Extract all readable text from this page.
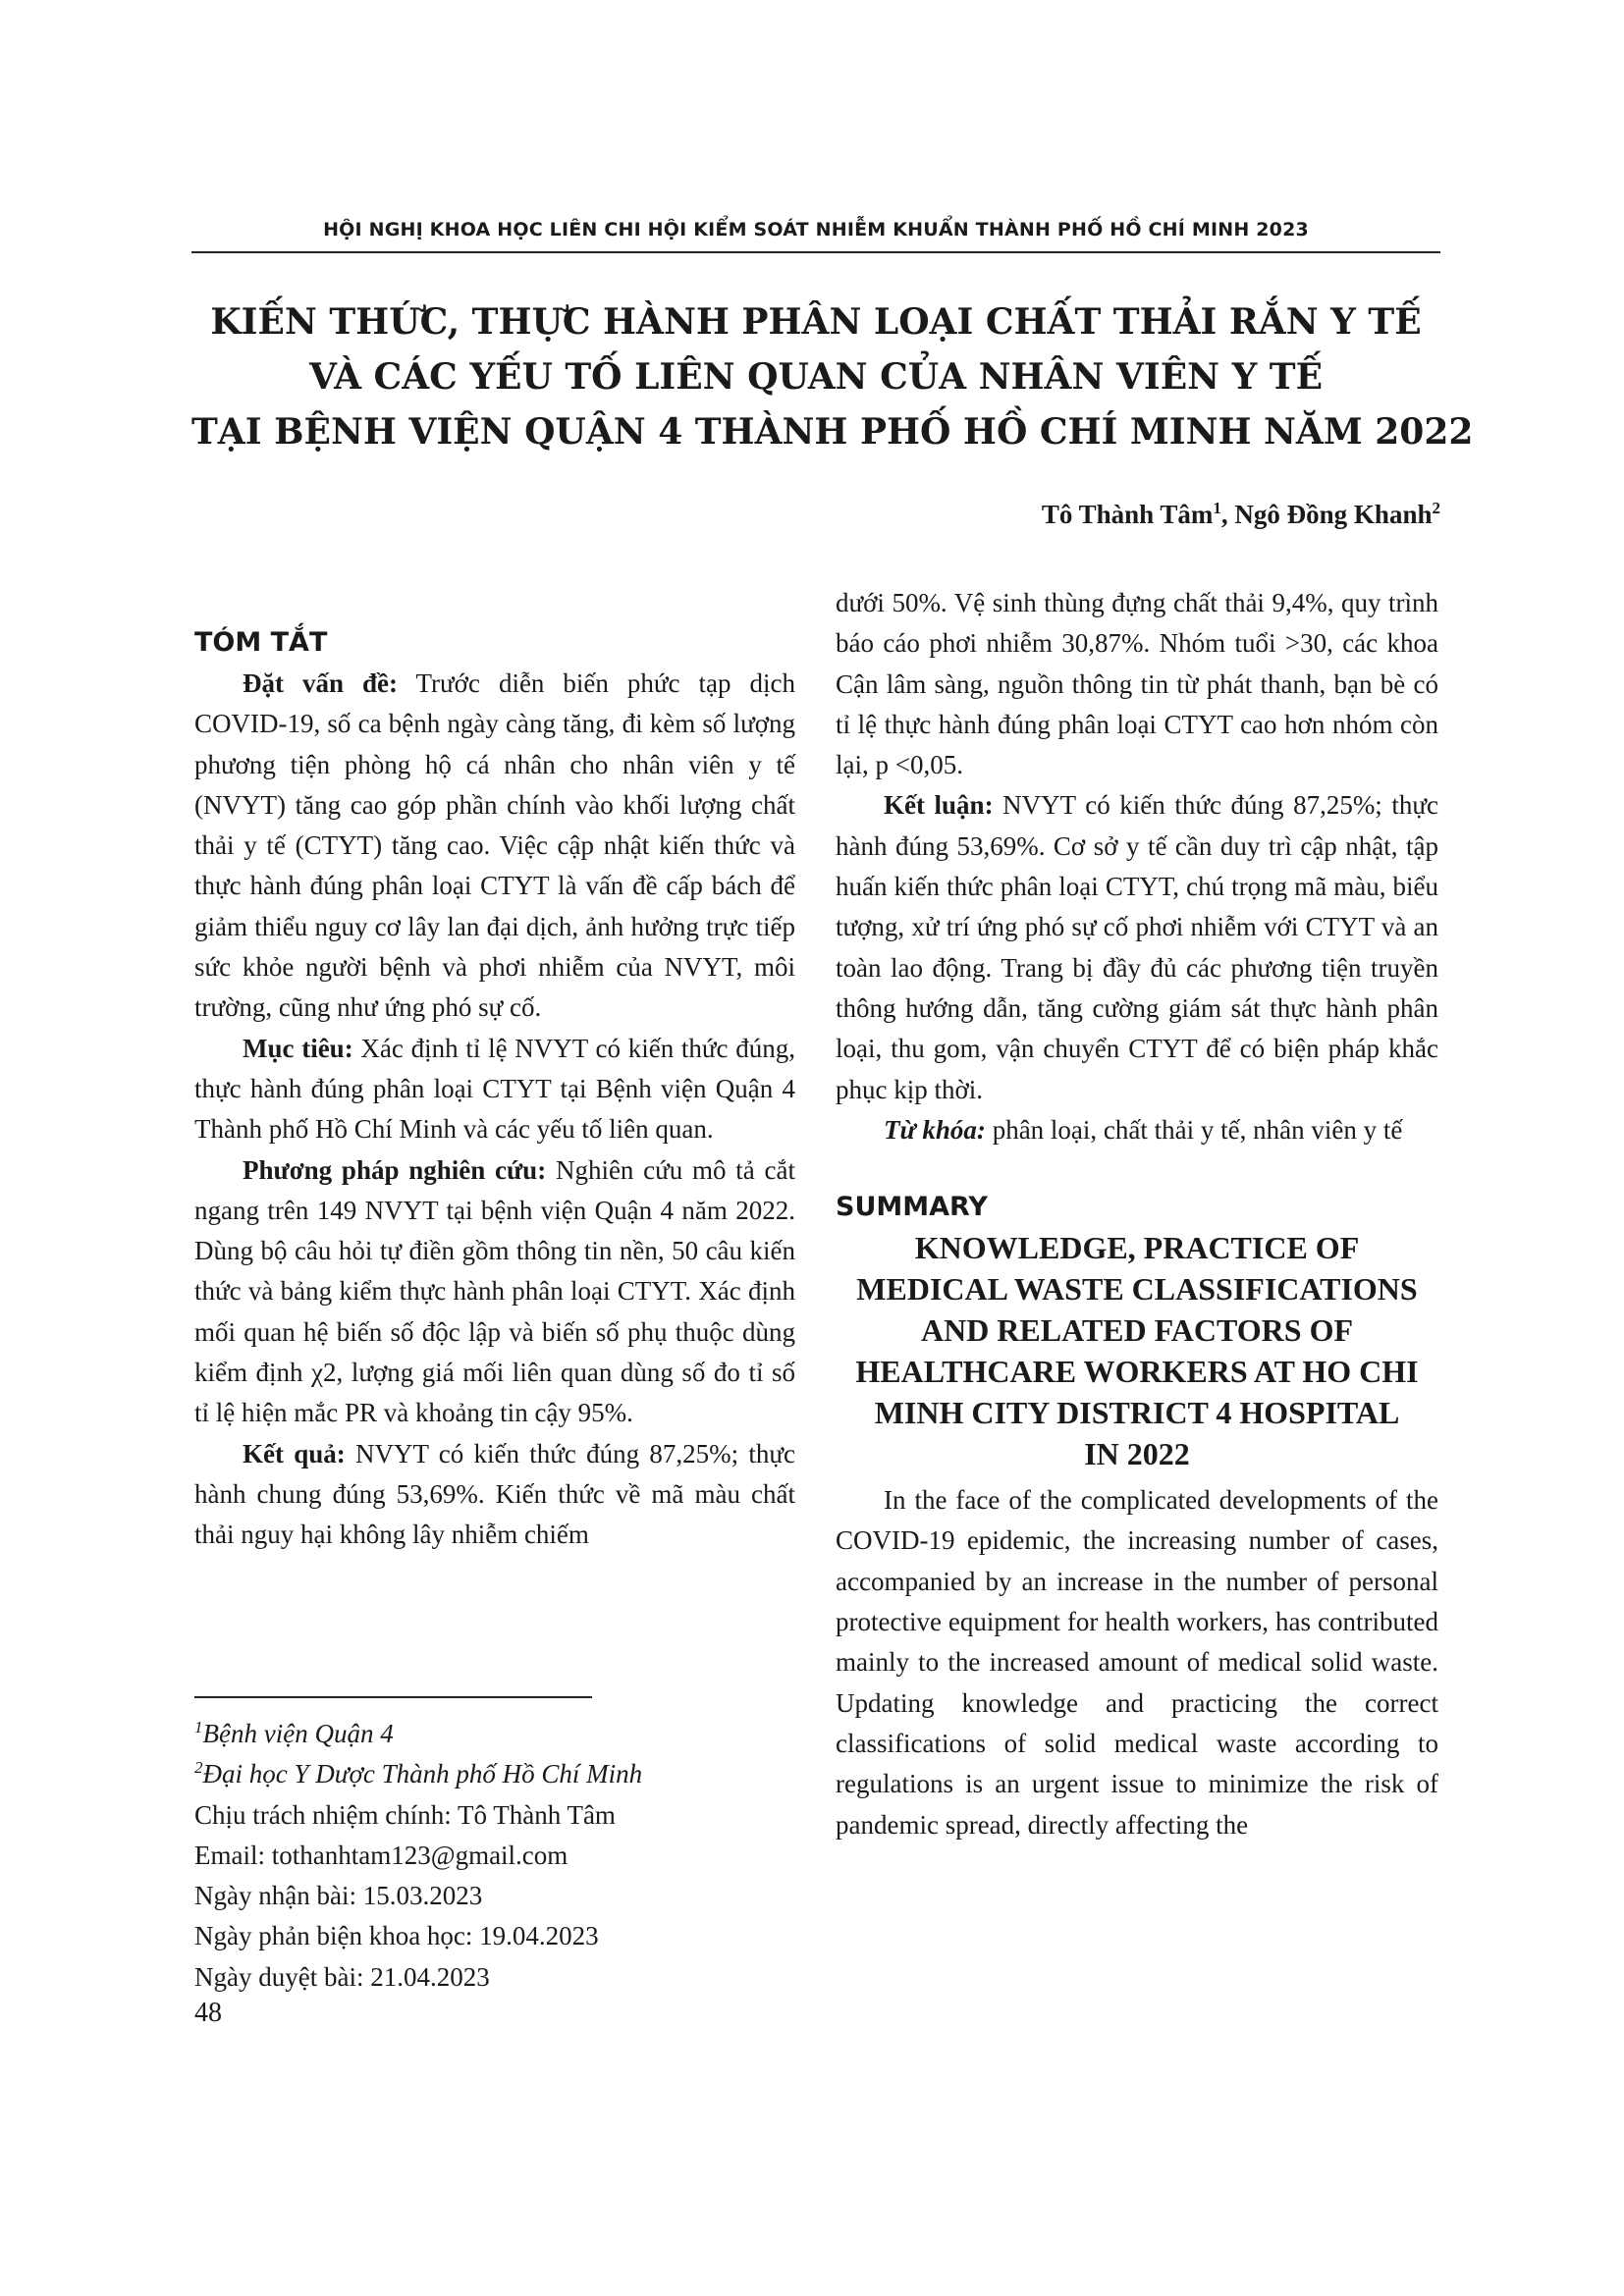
HỘI NGHỊ KHOA HỌC LIÊN CHI HỘI KIỂM SOÁT NHIỄM KHUẨN THÀNH PHỐ HỒ CHÍ MINH 2023
KIẾN THỨC, THỰC HÀNH PHÂN LOẠI CHẤT THẢI RẮN Y TẾ
VÀ CÁC YẾU TỐ LIÊN QUAN CỦA NHÂN VIÊN Y TẾ
TẠI BỆNH VIỆN QUẬN 4 THÀNH PHỐ HỒ CHÍ MINH NĂM 2022
Tô Thành Tâm$^1$, Ngô Đồng Khanh$^2$
TÓM TẮT

Đặt vấn đề: Trước diễn biến phức tạp dịch COVID-19, số ca bệnh ngày càng tăng, đi kèm số lượng phương tiện phòng hộ cá nhân cho nhân viên y tế (NVYT) tăng cao góp phần chính vào khối lượng chất thải y tế (CTYT) tăng cao. Việc cập nhật kiến thức và thực hành đúng phân loại CTYT là vấn đề cấp bách để giảm thiểu nguy cơ lây lan đại dịch, ảnh hưởng trực tiếp sức khỏe người bệnh và phơi nhiễm của NVYT, môi trường, cũng như ứng phó sự cố.

Mục tiêu: Xác định tỉ lệ NVYT có kiến thức đúng, thực hành đúng phân loại CTYT tại Bệnh viện Quận 4 Thành phố Hồ Chí Minh và các yếu tố liên quan.

Phương pháp nghiên cứu: Nghiên cứu mô tả cắt ngang trên 149 NVYT tại bệnh viện Quận 4 năm 2022. Dùng bộ câu hỏi tự điền gồm thông tin nền, 50 câu kiến thức và bảng kiểm thực hành phân loại CTYT. Xác định mối quan hệ biến số độc lập và biến số phụ thuộc dùng kiểm định χ2, lượng giá mối liên quan dùng số đo tỉ số tỉ lệ hiện mắc PR và khoảng tin cậy 95%.

Kết quả: NVYT có kiến thức đúng 87,25%; thực hành chung đúng 53,69%. Kiến thức về mã màu chất thải nguy hại không lây nhiễm chiếm

dưới 50%. Vệ sinh thùng đựng chất thải 9,4%, quy trình báo cáo phơi nhiễm 30,87%. Nhóm tuổi >30, các khoa Cận lâm sàng, nguồn thông tin từ phát thanh, bạn bè có tỉ lệ thực hành đúng phân loại CTYT cao hơn nhóm còn lại, p <0,05.

Kết luận: NVYT có kiến thức đúng 87,25%; thực hành đúng 53,69%. Cơ sở y tế cần duy trì cập nhật, tập huấn kiến thức phân loại CTYT, chú trọng mã màu, biểu tượng, xử trí ứng phó sự cố phơi nhiễm với CTYT và an toàn lao động. Trang bị đầy đủ các phương tiện truyền thông hướng dẫn, tăng cường giám sát thực hành phân loại, thu gom, vận chuyển CTYT để có biện pháp khắc phục kịp thời.

Từ khóa: phân loại, chất thải y tế, nhân viên y tế

SUMMARY
KNOWLEDGE, PRACTICE OF
MEDICAL WASTE CLASSIFICATIONS
AND RELATED FACTORS OF
HEALTHCARE WORKERS AT HO CHI
MINH CITY DISTRICT 4 HOSPITAL
IN 2022

In the face of the complicated developments of the COVID-19 epidemic, the increasing number of cases, accompanied by an increase in the number of personal protective equipment for health workers, has contributed mainly to the increased amount of medical solid waste. Updating knowledge and practicing the correct classifications of solid medical waste according to regulations is an urgent issue to minimize the risk of pandemic spread, directly affecting the

$^1$Bệnh viện Quận 4
$^2$Đại học Y Dược Thành phố Hồ Chí Minh
Chịu trách nhiệm chính: Tô Thành Tâm
Email: tothanhtam123@gmail.com
Ngày nhận bài: 15.03.2023
Ngày phản biện khoa học: 19.04.2023
Ngày duyệt bài: 21.04.2023
48
